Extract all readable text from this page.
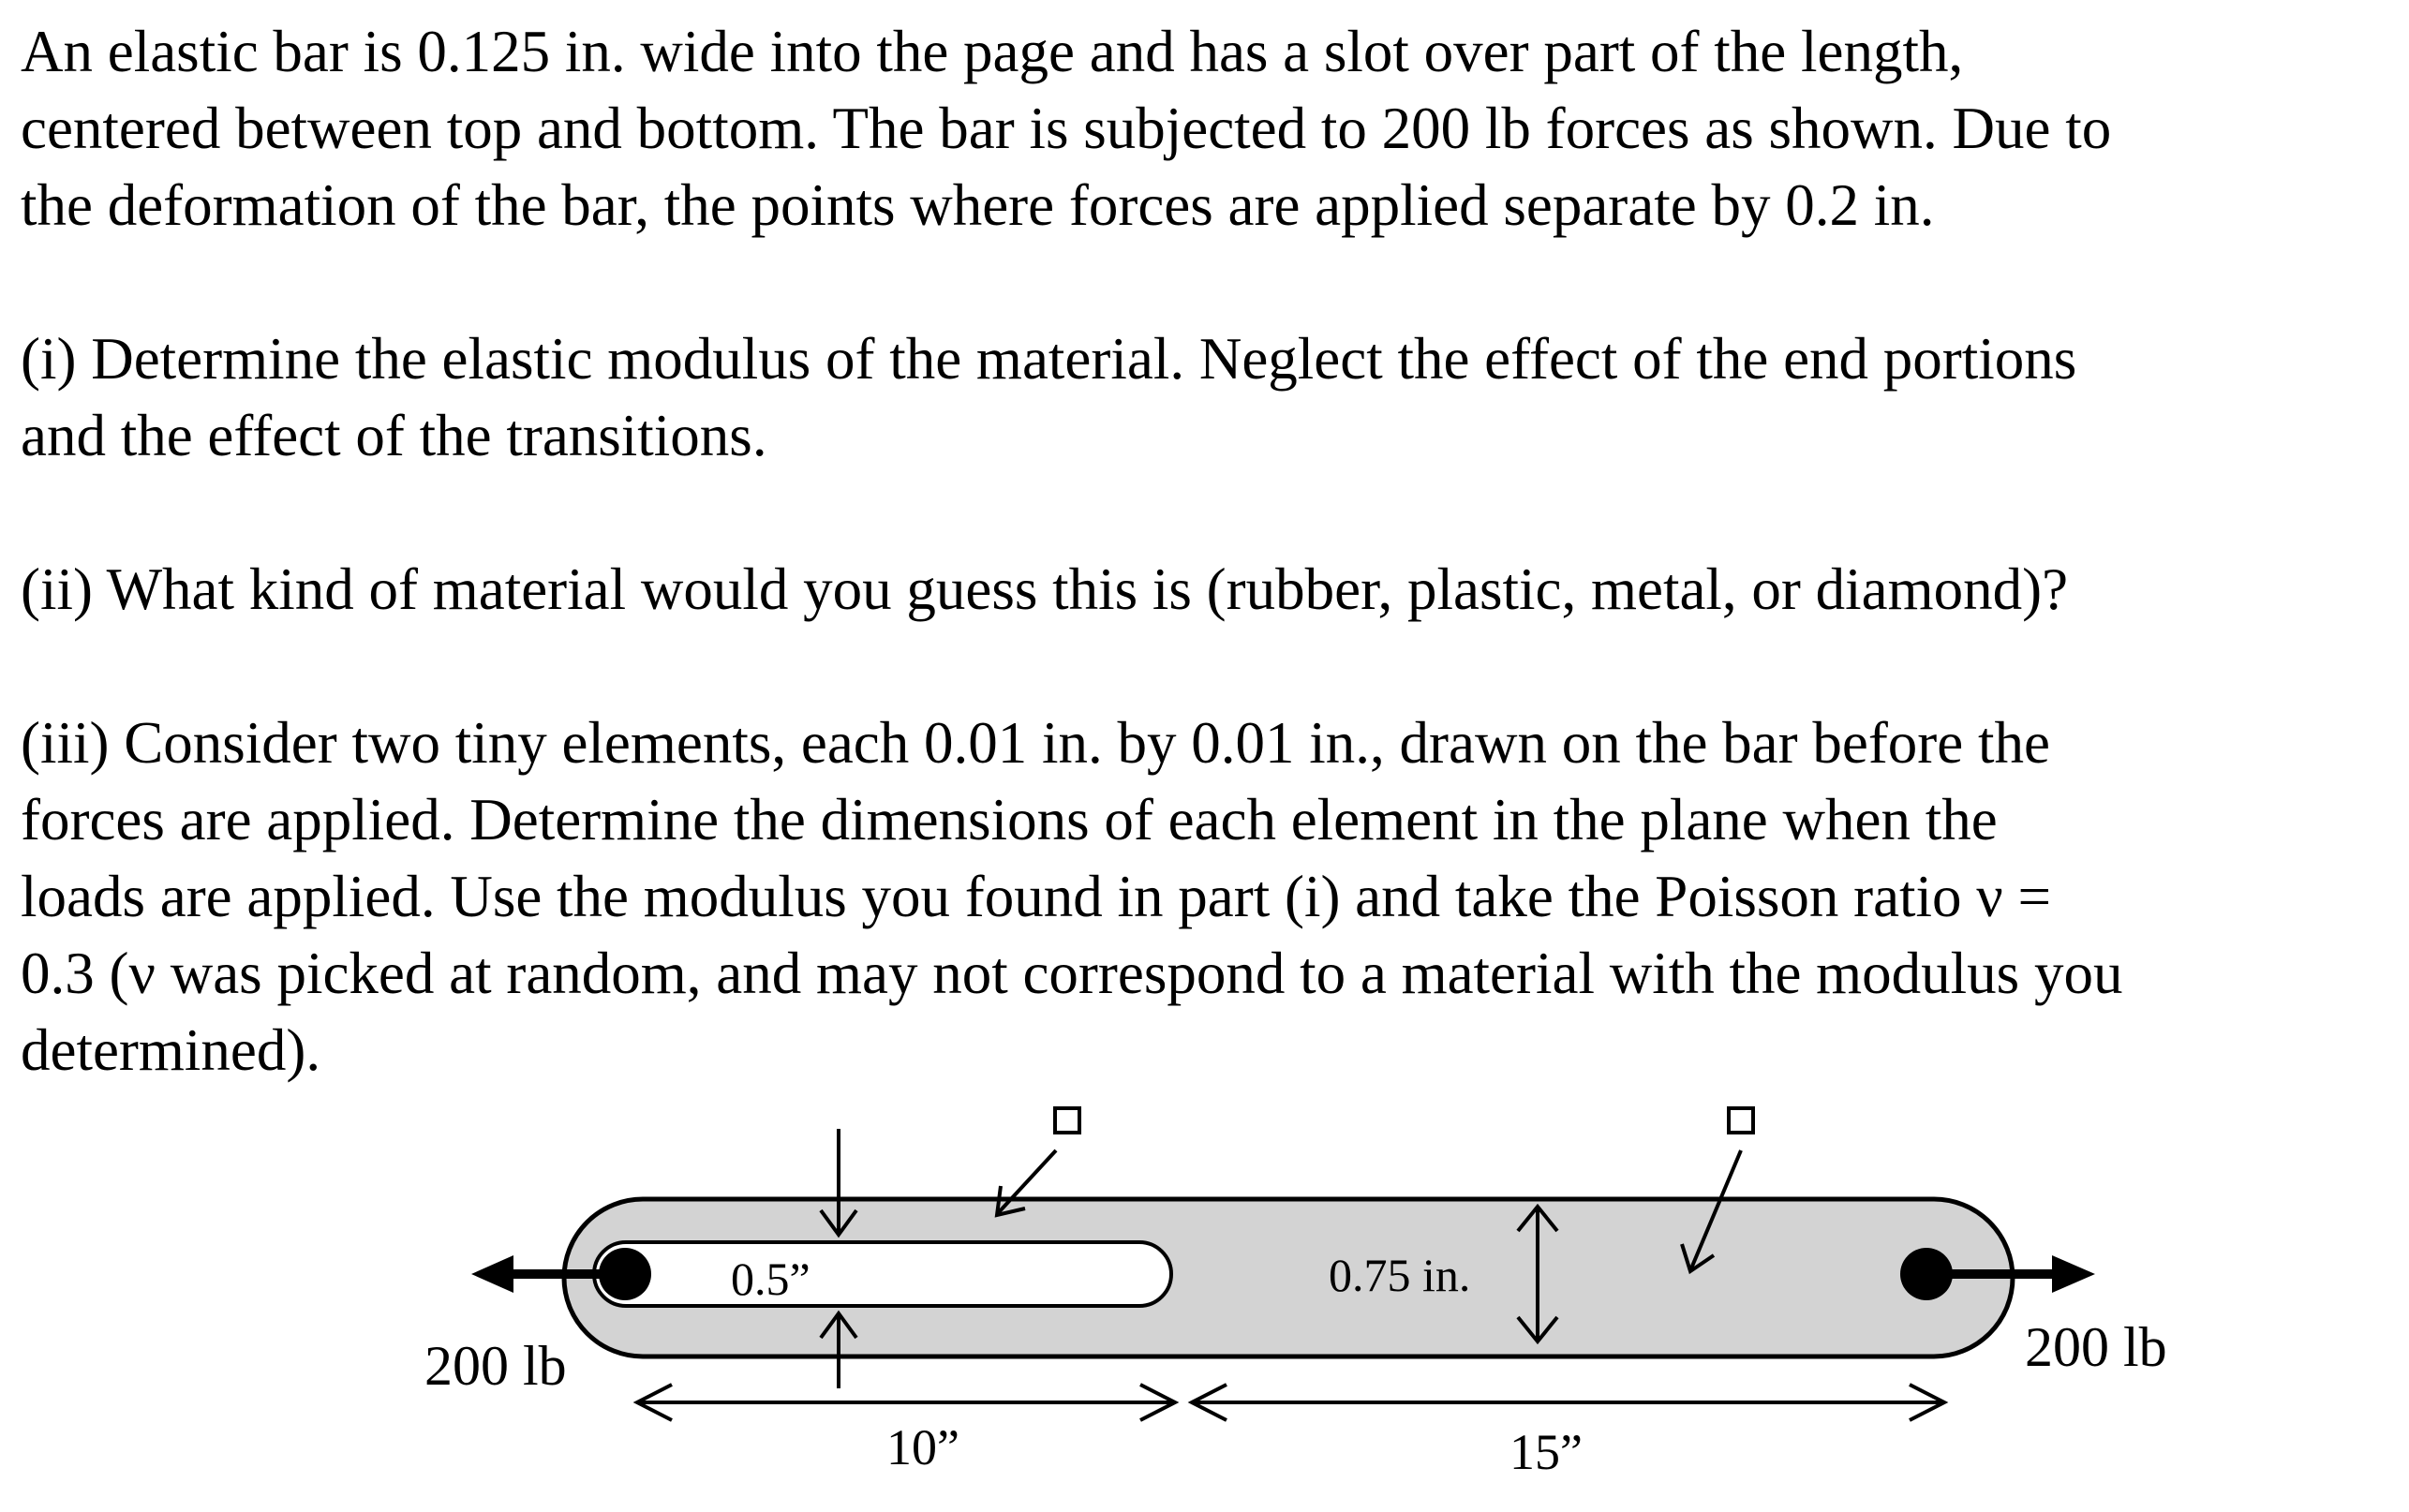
An elastic bar is 0.125 in. wide into the page and has a slot over part of the length,
centered between top and bottom. The bar is subjected to 200 lb forces as shown. Due to
the deformation of the bar, the points where forces are applied separate by 0.2 in.

(i) Determine the elastic modulus of the material. Neglect the effect of the end portions
and the effect of the transitions.

(ii) What kind of material would you guess this is (rubber, plastic, metal, or diamond)?

(iii) Consider two tiny elements, each 0.01 in. by 0.01 in., drawn on the bar before the
forces are applied. Determine the dimensions of each element in the plane when the
loads are applied. Use the modulus you found in part (i) and take the Poisson ratio ν =
0.3 (ν was picked at random, and may not correspond to a material with the modulus you
determined).

200 lb	200 lb
0.5”	0.75 in.
10”	15”
